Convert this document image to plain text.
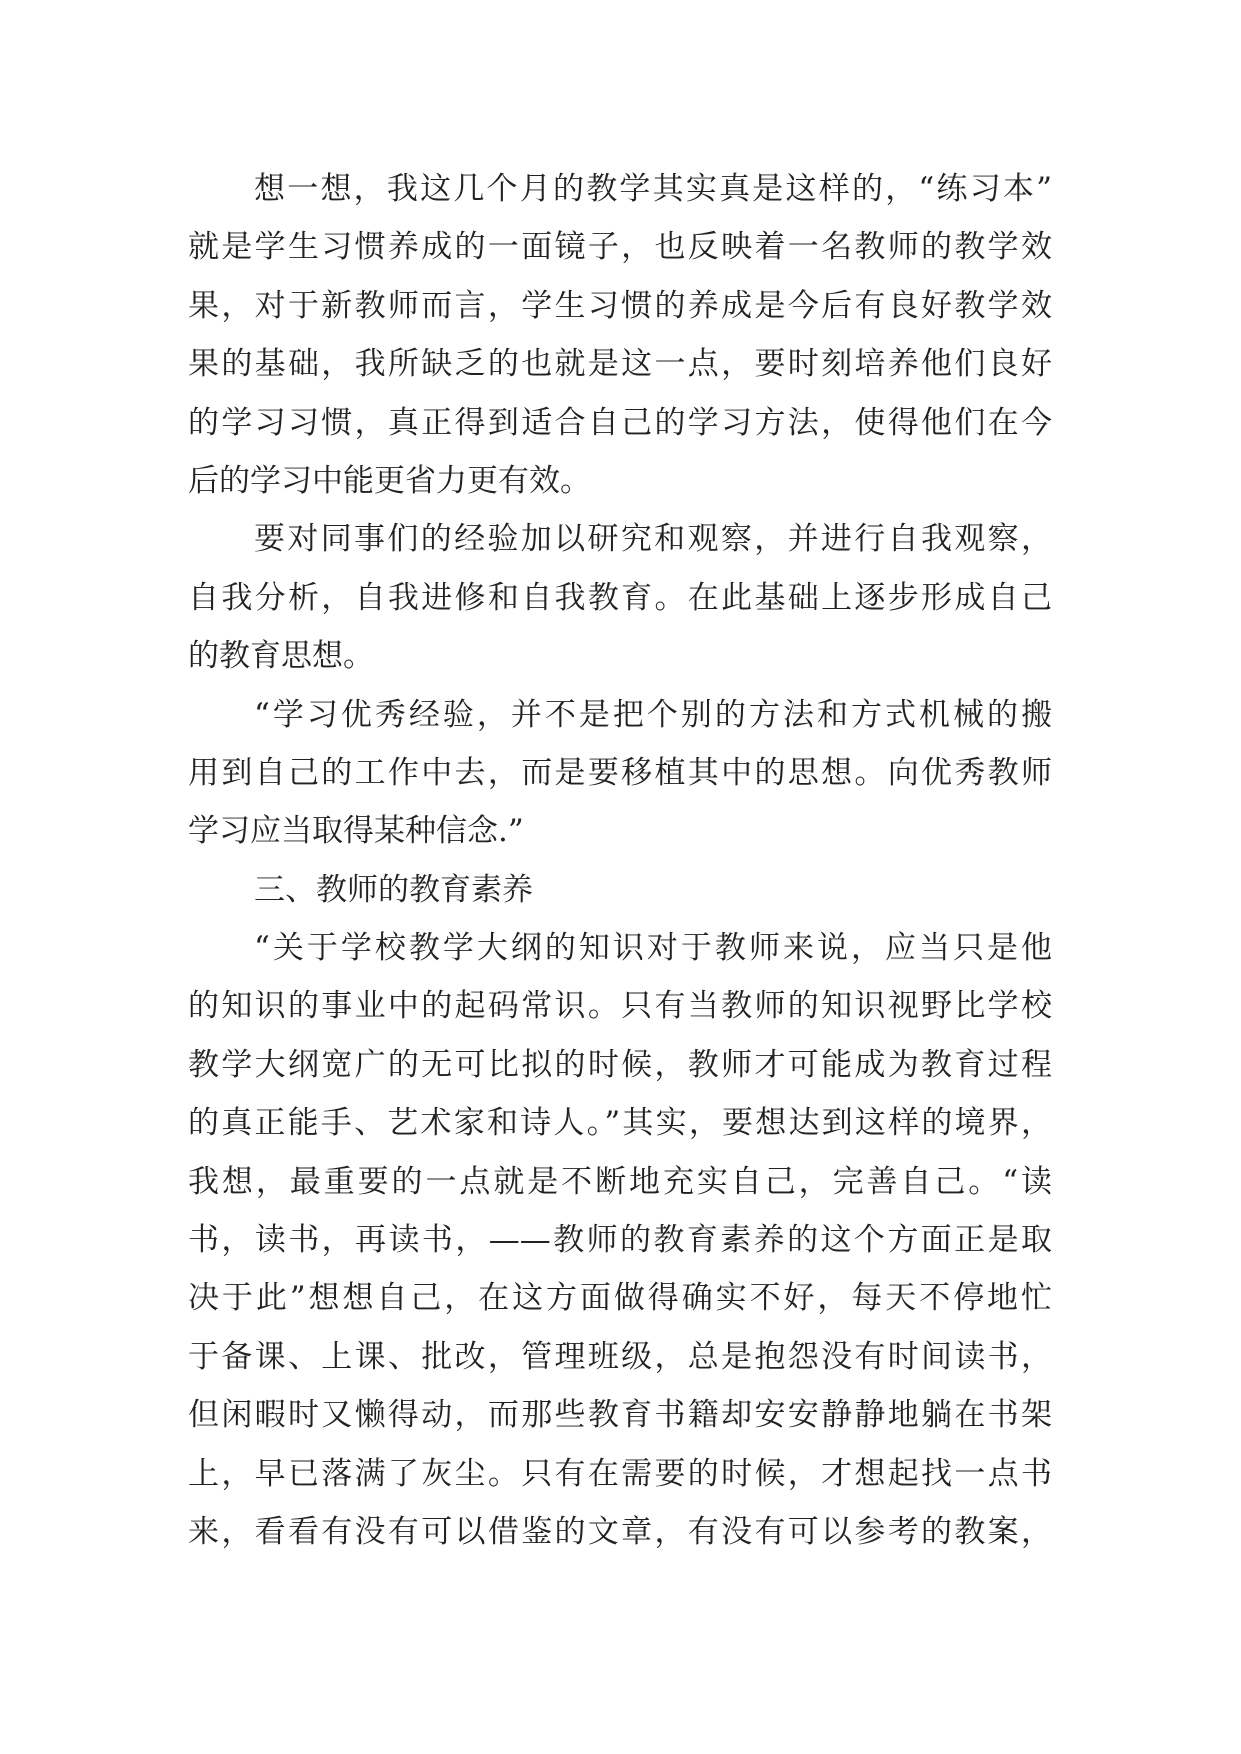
想一想，我这几个月的教学其实真是这样的，“练习本”
就是学生习惯养成的一面镜子，也反映着一名教师的教学效
果，对于新教师而言，学生习惯的养成是今后有良好教学效
果的基础，我所缺乏的也就是这一点，要时刻培养他们良好
的学习习惯，真正得到适合自己的学习方法，使得他们在今
后的学习中能更省力更有效。
要对同事们的经验加以研究和观察，并进行自我观察，
自我分析，自我进修和自我教育。在此基础上逐步形成自己
的教育思想。
“学习优秀经验，并不是把个别的方法和方式机械的搬
用到自己的工作中去，而是要移植其中的思想。向优秀教师
学习应当取得某种信念.”
三、教师的教育素养
“关于学校教学大纲的知识对于教师来说，应当只是他
的知识的事业中的起码常识。只有当教师的知识视野比学校
教学大纲宽广的无可比拟的时候，教师才可能成为教育过程
的真正能手、艺术家和诗人。”其实，要想达到这样的境界，
我想，最重要的一点就是不断地充实自己，完善自己。“读
书，读书，再读书，——教师的教育素养的这个方面正是取
决于此”想想自己，在这方面做得确实不好，每天不停地忙
于备课、上课、批改，管理班级，总是抱怨没有时间读书，
但闲暇时又懒得动，而那些教育书籍却安安静静地躺在书架
上，早已落满了灰尘。只有在需要的时候，才想起找一点书
来，看看有没有可以借鉴的文章，有没有可以参考的教案，
